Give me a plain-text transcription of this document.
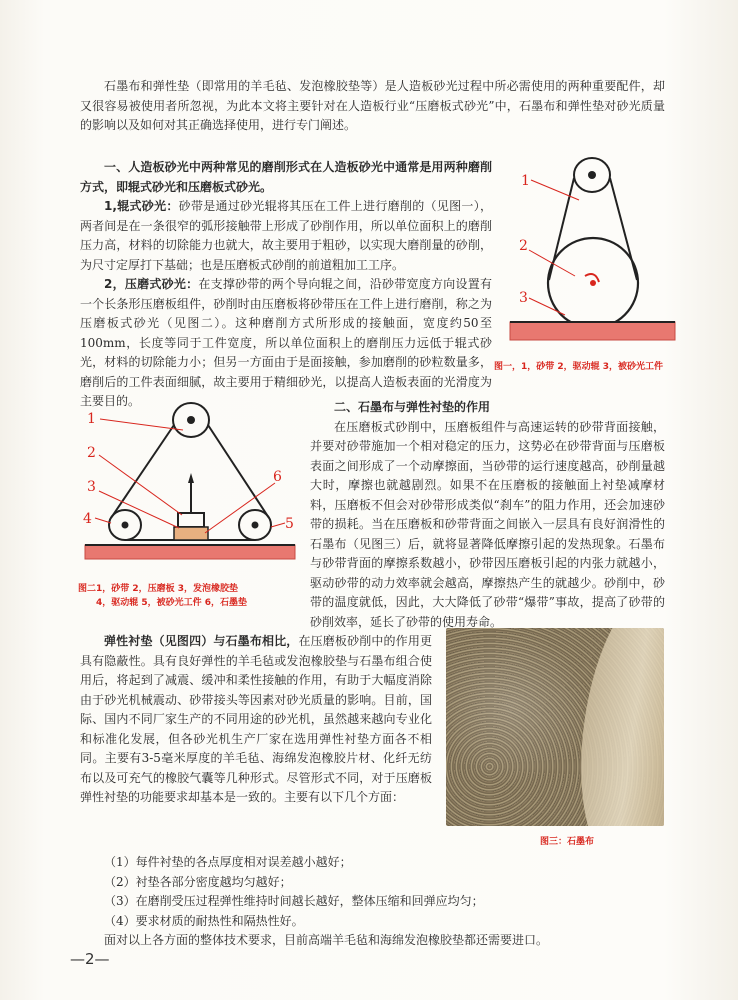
石墨布和弹性垫（即常用的羊毛毡、发泡橡胶垫等）是人造板砂光过程中所必需使用的两种重要配件，却又很容易被使用者所忽视，为此本文将主要针对在人造板行业“压磨板式砂光”中，石墨布和弹性垫对砂光质量的影响以及如何对其正确选择使用，进行专门阐述。

一、人造板砂光中两种常见的磨削形式在人造板砂光中通常是用两种磨削方式，即辊式砂光和压磨板式砂光。

1,辊式砂光：砂带是通过砂光辊将其压在工件上进行磨削的（见图一），两者间是在一条很窄的弧形接触带上形成了砂削作用，所以单位面积上的磨削压力高，材料的切除能力也就大，故主要用于粗砂，以实现大磨削量的砂削，为尺寸定厚打下基础；也是压磨板式砂削的前道粗加工工序。

2，压磨式砂光：在支撑砂带的两个导向辊之间，沿砂带宽度方向设置有一个长条形压磨板组件，砂削时由压磨板将砂带压在工件上进行磨削，称之为压磨板式砂光（见图二）。这种磨削方式所形成的接触面，宽度约50至100mm，长度等同于工件宽度，所以单位面积上的磨削压力远低于辊式砂光，材料的切除能力小；但另一方面由于是面接触，参加磨削的砂粒数量多，磨削后的工件表面细腻，故主要用于精细砂光，以提高人造板表面的光滑度为主要目的。

1
2
3
图一，1，砂带 2，驱动辊 3，被砂光工件
1
2
3
4	5
6
图二1，砂带 2，压磨板 3，发泡橡胶垫
4，驱动辊 5，被砂光工件 6，石墨垫

二、石墨布与弹性衬垫的作用

在压磨板式砂削中，压磨板组件与高速运转的砂带背面接触，并要对砂带施加一个相对稳定的压力，这势必在砂带背面与压磨板表面之间形成了一个动摩擦面，当砂带的运行速度越高，砂削量越大时，摩擦也就越剧烈。如果不在压磨板的接触面上衬垫减摩材料，压磨板不但会对砂带形成类似“刹车”的阻力作用，还会加速砂带的损耗。当在压磨板和砂带背面之间嵌入一层具有良好润滑性的石墨布（见图三）后，就将显著降低摩擦引起的发热现象。石墨布与砂带背面的摩擦系数越小，砂带因压磨板引起的内张力就越小，驱动砂带的动力效率就会越高，摩擦热产生的就越少。砂削中，砂带的温度就低，因此，大大降低了砂带“爆带”事故，提高了砂带的砂削效率，延长了砂带的使用寿命。

弹性衬垫（见图四）与石墨布相比，在压磨板砂削中的作用更具有隐蔽性。具有良好弹性的羊毛毡或发泡橡胶垫与石墨布组合使用后，将起到了减震、缓冲和柔性接触的作用，有助于大幅度消除由于砂光机械震动、砂带接头等因素对砂光质量的影响。目前，国际、国内不同厂家生产的不同用途的砂光机，虽然越来越向专业化和标准化发展，但各砂光机生产厂家在选用弹性衬垫方面各不相同。主要有3-5毫米厚度的羊毛毡、海绵发泡橡胶片材、化纤无纺布以及可充气的橡胶气囊等几种形式。尽管形式不同，对于压磨板弹性衬垫的功能要求却基本是一致的。主要有以下几个方面：

图三：石墨布
（1）每件衬垫的各点厚度相对误差越小越好；
（2）衬垫各部分密度越均匀越好；
（3）在磨削受压过程弹性维持时间越长越好，整体压缩和回弹应均匀；
（4）要求材质的耐热性和隔热性好。
面对以上各方面的整体技术要求，目前高端羊毛毡和海绵发泡橡胶垫都还需要进口。
—2—
